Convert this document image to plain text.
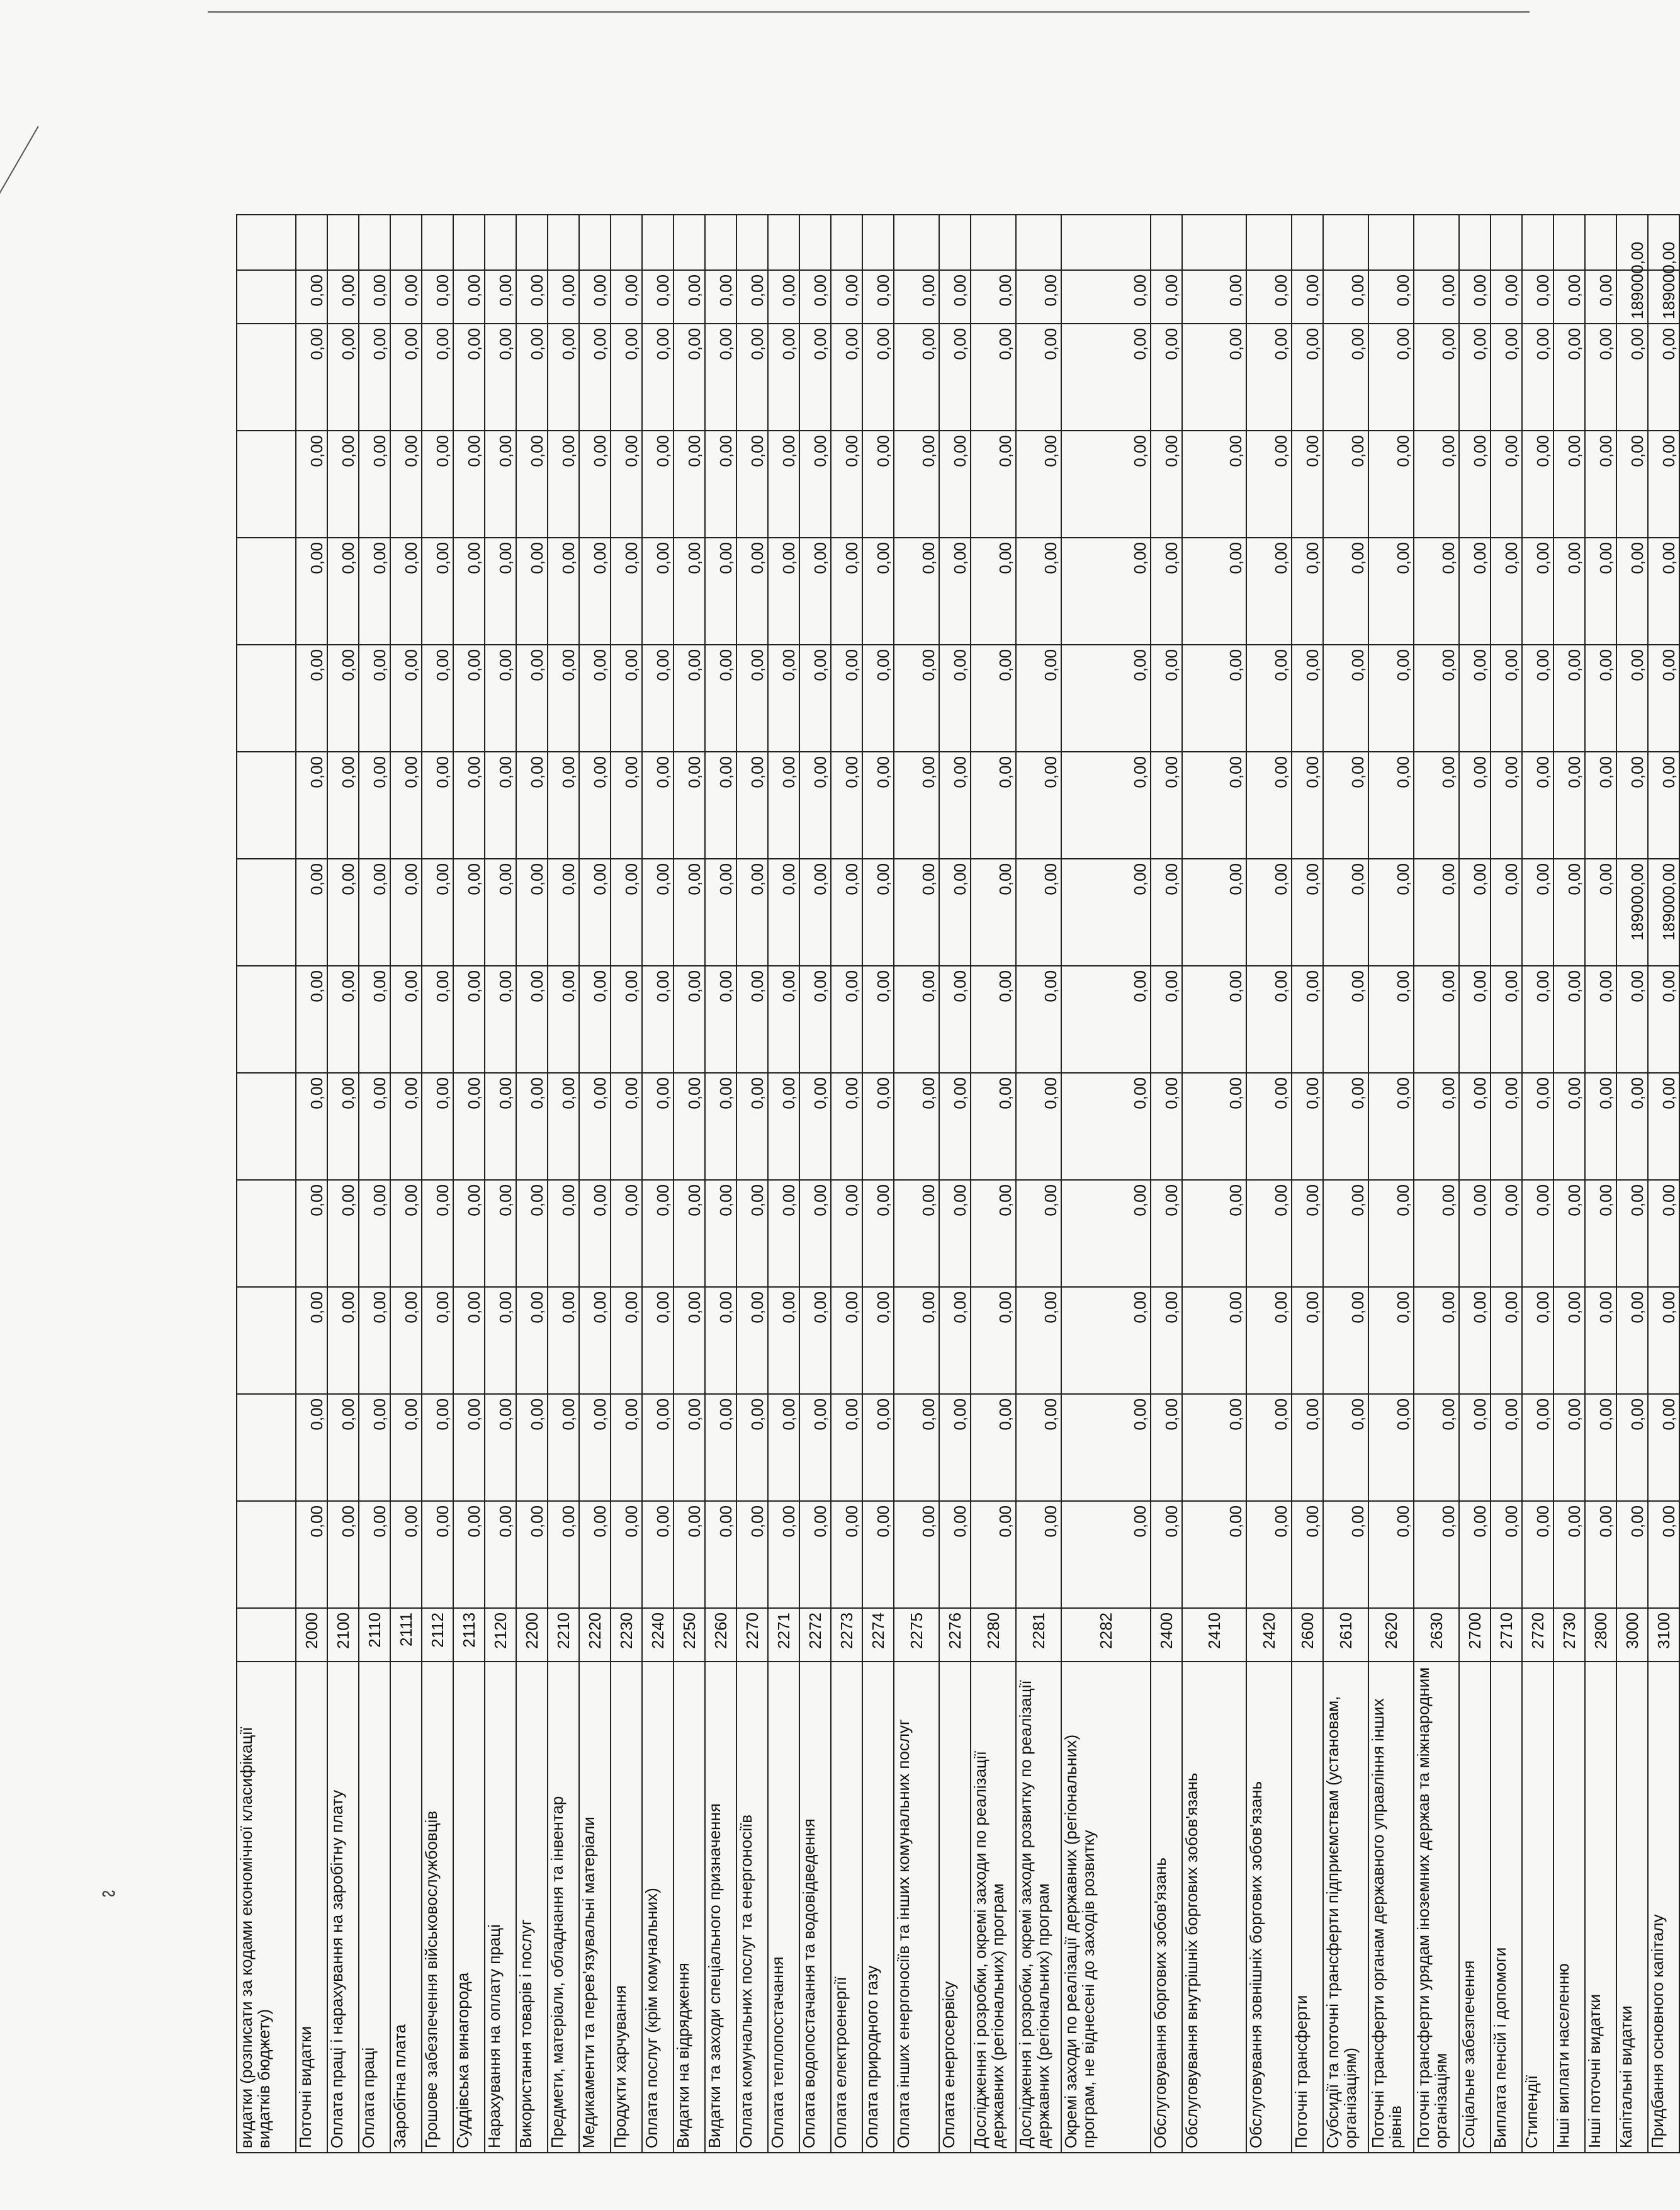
∾	видатки (розписати за кодами економічної класифікації видатків бюджету)															
Поточні видатки	2000	0,00	0,00	0,00	0,00	0,00	0,00	0,00	0,00	0,00	0,00	0,00	0,00	0,00	
Оплата праці і нарахування на заробітну плату	2100	0,00	0,00	0,00	0,00	0,00	0,00	0,00	0,00	0,00	0,00	0,00	0,00	0,00	
Оплата праці	2110	0,00	0,00	0,00	0,00	0,00	0,00	0,00	0,00	0,00	0,00	0,00	0,00	0,00	
Заробітна плата	2111	0,00	0,00	0,00	0,00	0,00	0,00	0,00	0,00	0,00	0,00	0,00	0,00	0,00	
Грошове забезпечення військовослужбовців	2112	0,00	0,00	0,00	0,00	0,00	0,00	0,00	0,00	0,00	0,00	0,00	0,00	0,00	
Суддівська винагорода	2113	0,00	0,00	0,00	0,00	0,00	0,00	0,00	0,00	0,00	0,00	0,00	0,00	0,00	
Нарахування на оплату праці	2120	0,00	0,00	0,00	0,00	0,00	0,00	0,00	0,00	0,00	0,00	0,00	0,00	0,00	
Використання товарів і послуг	2200	0,00	0,00	0,00	0,00	0,00	0,00	0,00	0,00	0,00	0,00	0,00	0,00	0,00	
Предмети, матеріали, обладнання та інвентар	2210	0,00	0,00	0,00	0,00	0,00	0,00	0,00	0,00	0,00	0,00	0,00	0,00	0,00	
Медикаменти та перев'язувальні матеріали	2220	0,00	0,00	0,00	0,00	0,00	0,00	0,00	0,00	0,00	0,00	0,00	0,00	0,00	
Продукти харчування	2230	0,00	0,00	0,00	0,00	0,00	0,00	0,00	0,00	0,00	0,00	0,00	0,00	0,00	
Оплата послуг (крім комунальних)	2240	0,00	0,00	0,00	0,00	0,00	0,00	0,00	0,00	0,00	0,00	0,00	0,00	0,00	
Видатки на відрядження	2250	0,00	0,00	0,00	0,00	0,00	0,00	0,00	0,00	0,00	0,00	0,00	0,00	0,00	
Видатки та заходи спеціального призначення	2260	0,00	0,00	0,00	0,00	0,00	0,00	0,00	0,00	0,00	0,00	0,00	0,00	0,00	
Оплата комунальних послуг та енергоносіїв	2270	0,00	0,00	0,00	0,00	0,00	0,00	0,00	0,00	0,00	0,00	0,00	0,00	0,00	
Оплата теплопостачання	2271	0,00	0,00	0,00	0,00	0,00	0,00	0,00	0,00	0,00	0,00	0,00	0,00	0,00	
Оплата водопостачання та водовідведення	2272	0,00	0,00	0,00	0,00	0,00	0,00	0,00	0,00	0,00	0,00	0,00	0,00	0,00	
Оплата електроенергії	2273	0,00	0,00	0,00	0,00	0,00	0,00	0,00	0,00	0,00	0,00	0,00	0,00	0,00	
Оплата природного газу	2274	0,00	0,00	0,00	0,00	0,00	0,00	0,00	0,00	0,00	0,00	0,00	0,00	0,00	
Оплата інших енергоносіїв та інших комунальних послуг	2275	0,00	0,00	0,00	0,00	0,00	0,00	0,00	0,00	0,00	0,00	0,00	0,00	0,00	
Оплата енергосервісу	2276	0,00	0,00	0,00	0,00	0,00	0,00	0,00	0,00	0,00	0,00	0,00	0,00	0,00	
Дослідження і розробки, окремі заходи по реалізації державних (регіональних) програм	2280	0,00	0,00	0,00	0,00	0,00	0,00	0,00	0,00	0,00	0,00	0,00	0,00	0,00	
Дослідження і розробки, окремі заходи розвитку по реалізації державних (регіональних) програм	2281	0,00	0,00	0,00	0,00	0,00	0,00	0,00	0,00	0,00	0,00	0,00	0,00	0,00	
Окремі заходи по реалізації державних (регіональних) програм, не віднесені до заходів розвитку	2282	0,00	0,00	0,00	0,00	0,00	0,00	0,00	0,00	0,00	0,00	0,00	0,00	0,00	
Обслуговування боргових зобов'язань	2400	0,00	0,00	0,00	0,00	0,00	0,00	0,00	0,00	0,00	0,00	0,00	0,00	0,00	
Обслуговування внутрішніх боргових зобов'язань	2410	0,00	0,00	0,00	0,00	0,00	0,00	0,00	0,00	0,00	0,00	0,00	0,00	0,00	
Обслуговування зовнішніх боргових зобов'язань	2420	0,00	0,00	0,00	0,00	0,00	0,00	0,00	0,00	0,00	0,00	0,00	0,00	0,00	
Поточні трансферти	2600	0,00	0,00	0,00	0,00	0,00	0,00	0,00	0,00	0,00	0,00	0,00	0,00	0,00	
Субсидії та поточні трансферти підприємствам (установам, організаціям)	2610	0,00	0,00	0,00	0,00	0,00	0,00	0,00	0,00	0,00	0,00	0,00	0,00	0,00	
Поточні трансферти органам державного управління інших рівнів	2620	0,00	0,00	0,00	0,00	0,00	0,00	0,00	0,00	0,00	0,00	0,00	0,00	0,00	
Поточні трансферти урядам іноземних держав та міжнародним організаціям	2630	0,00	0,00	0,00	0,00	0,00	0,00	0,00	0,00	0,00	0,00	0,00	0,00	0,00	
Соціальне забезпечення	2700	0,00	0,00	0,00	0,00	0,00	0,00	0,00	0,00	0,00	0,00	0,00	0,00	0,00	
Виплата пенсій і допомоги	2710	0,00	0,00	0,00	0,00	0,00	0,00	0,00	0,00	0,00	0,00	0,00	0,00	0,00	
Стипендії	2720	0,00	0,00	0,00	0,00	0,00	0,00	0,00	0,00	0,00	0,00	0,00	0,00	0,00	
Інші виплати населенню	2730	0,00	0,00	0,00	0,00	0,00	0,00	0,00	0,00	0,00	0,00	0,00	0,00	0,00	
Інші поточні видатки	2800	0,00	0,00	0,00	0,00	0,00	0,00	0,00	0,00	0,00	0,00	0,00	0,00	0,00	
Капітальні видатки	3000	0,00	0,00	0,00	0,00	0,00	0,00	189000,00	0,00	0,00	0,00	0,00	0,00	189000,00	
Придбання основного капіталу	3100	0,00	0,00	0,00	0,00	0,00	0,00	189000,00	0,00	0,00	0,00	0,00	0,00	189000,00	
